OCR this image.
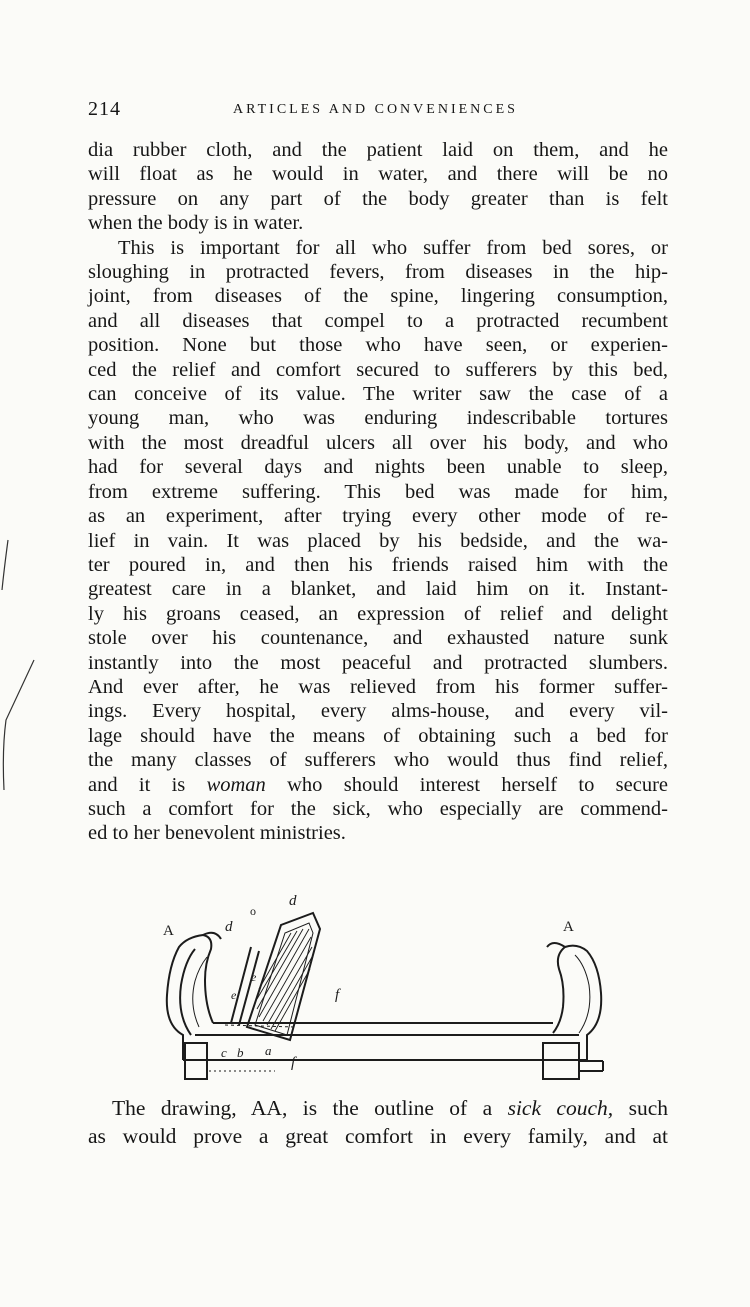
214	ARTICLES AND CONVENIENCES
dia rubber cloth, and the patient laid on them, and he
will float as he would in water, and there will be no
pressure on any part of the body greater than is felt
when the body is in water.
This is important for all who suffer from bed sores, or
sloughing in protracted fevers, from diseases in the hip-
joint, from diseases of the spine, lingering consumption,
and all diseases that compel to a protracted recumbent
position. None but those who have seen, or experien-
ced the relief and comfort secured to sufferers by this bed,
can conceive of its value. The writer saw the case of a
young man, who was enduring indescribable tortures
with the most dreadful ulcers all over his body, and who
had for several days and nights been unable to sleep,
from extreme suffering. This bed was made for him,
as an experiment, after trying every other mode of re-
lief in vain. It was placed by his bedside, and the wa-
ter poured in, and then his friends raised him with the
greatest care in a blanket, and laid him on it. Instant-
ly his groans ceased, an expression of relief and delight
stole over his countenance, and exhausted nature sunk
instantly into the most peaceful and protracted slumbers.
And ever after, he was relieved from his former suffer-
ings. Every hospital, every alms-house, and every vil-
lage should have the means of obtaining such a bed for
the many classes of sufferers who would thus find relief,
and it is woman who should interest herself to secure
such a comfort for the sick, who especially are commend-
ed to her benevolent ministries.
A	A
d
o
d
e
e	f
c b a
f
The drawing, AA, is the outline of a sick couch, such
as would prove a great comfort in every family, and at
